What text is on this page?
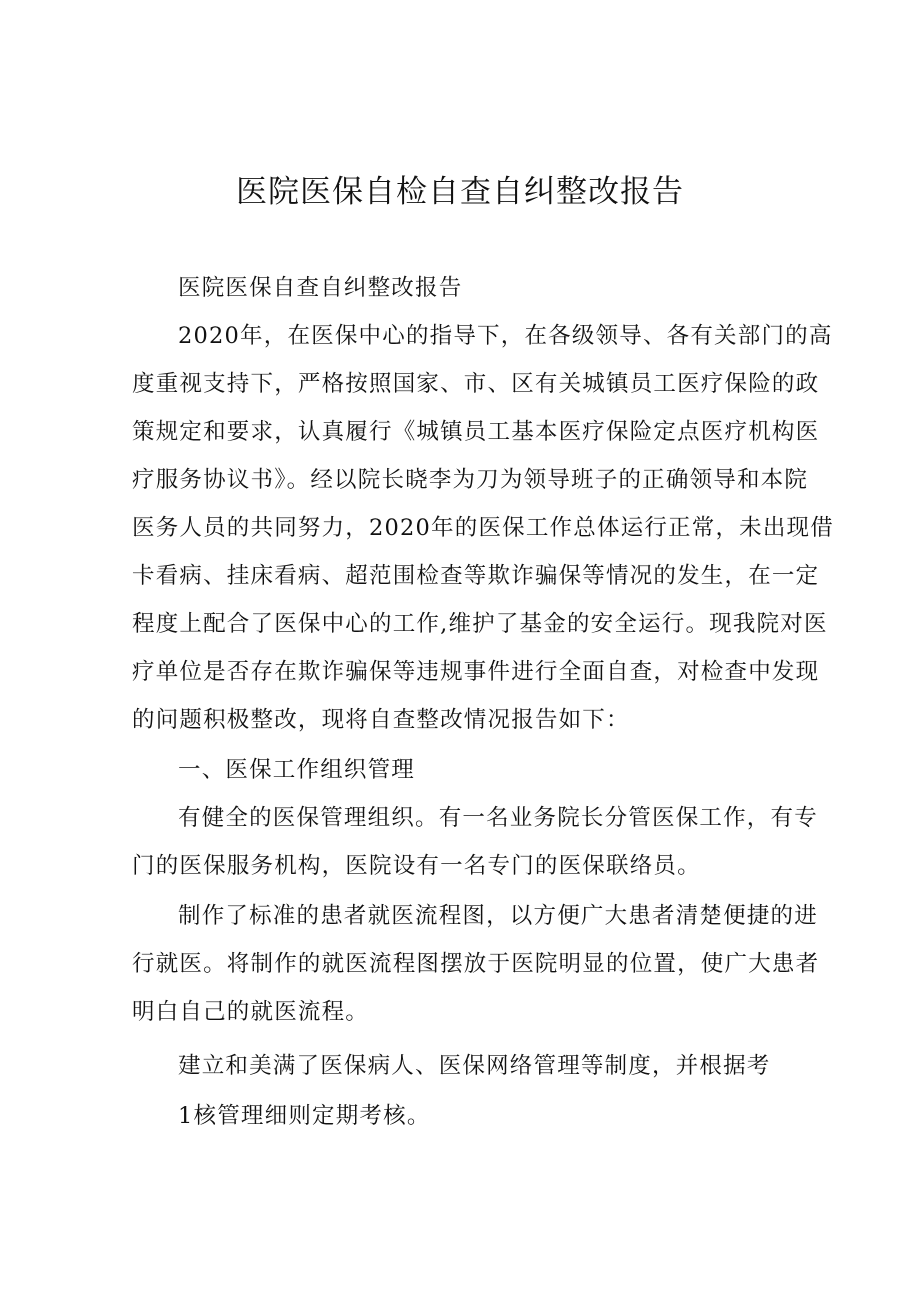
医院医保自检自查自纠整改报告
医院医保自查自纠整改报告
2020年，在医保中心的指导下，在各级领导、各有关部门的高
度重视支持下，严格按照国家、市、区有关城镇员工医疗保险的政
策规定和要求，认真履行《城镇员工基本医疗保险定点医疗机构医
疗服务协议书》。经以院长晓李为刀为领导班子的正确领导和本院
医务人员的共同努力，2020年的医保工作总体运行正常，未出现借
卡看病、挂床看病、超范围检查等欺诈骗保等情况的发生，在一定
程度上配合了医保中心的工作,维护了基金的安全运行。现我院对医
疗单位是否存在欺诈骗保等违规事件进行全面自查，对检查中发现
的问题积极整改，现将自查整改情况报告如下：
一、医保工作组织管理
有健全的医保管理组织。有一名业务院长分管医保工作，有专
门的医保服务机构，医院设有一名专门的医保联络员。
制作了标准的患者就医流程图，以方便广大患者清楚便捷的进
行就医。将制作的就医流程图摆放于医院明显的位置，使广大患者
明白自己的就医流程。
建立和美满了医保病人、医保网络管理等制度，并根据考
1核管理细则定期考核。
